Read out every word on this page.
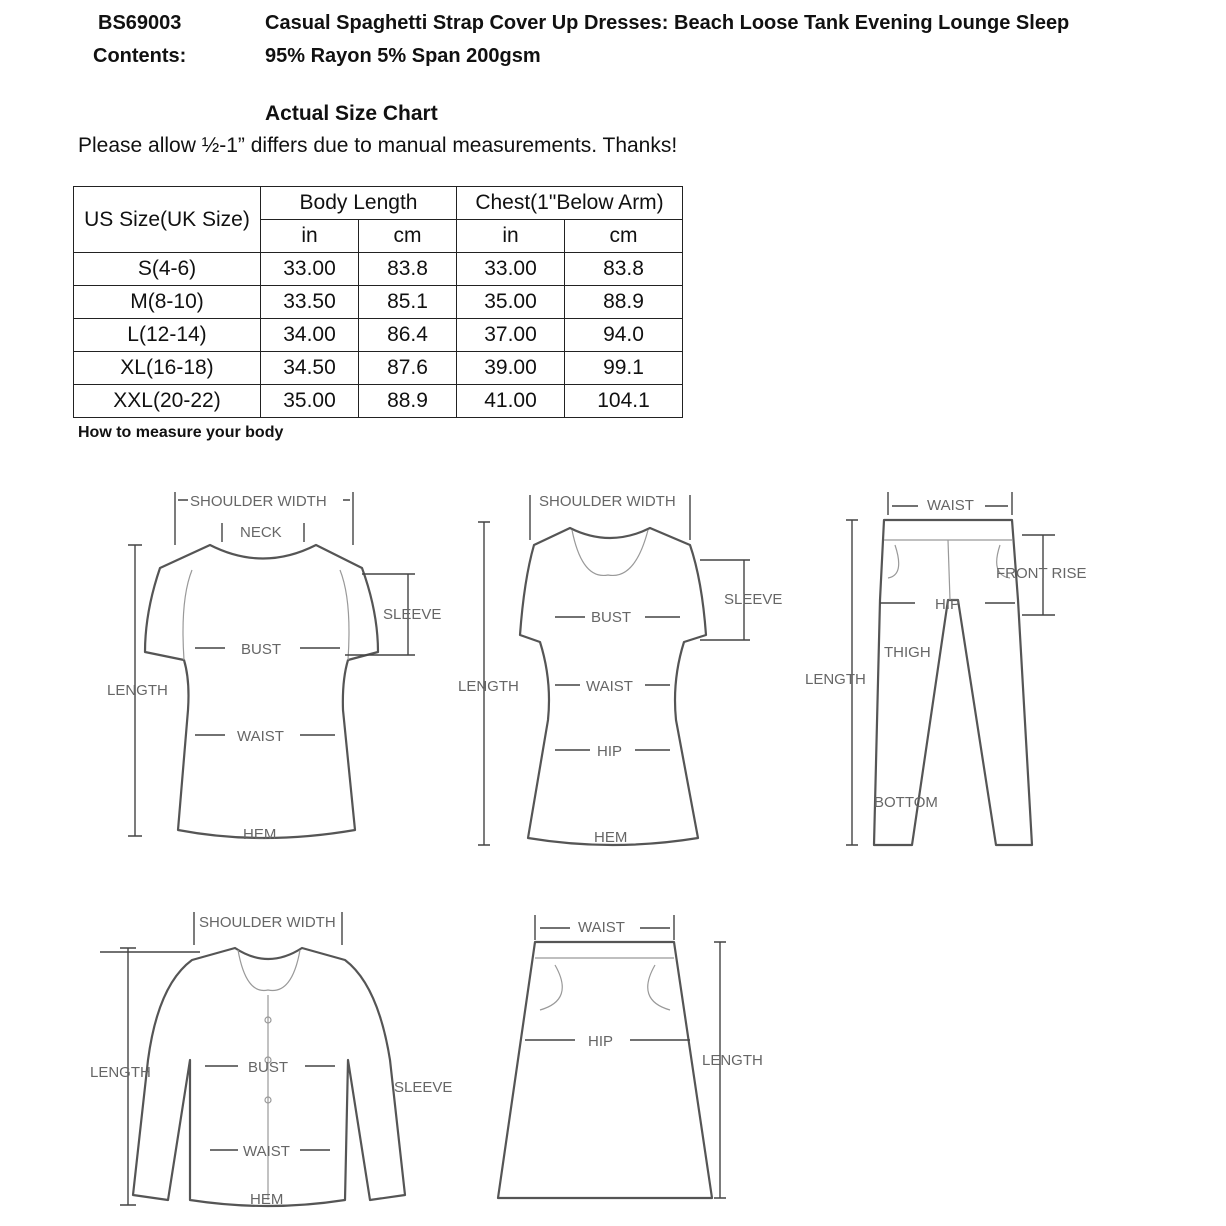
BS69003	Casual Spaghetti Strap Cover Up Dresses: Beach Loose Tank Evening Lounge Sleep
Contents:	95% Rayon 5% Span 200gsm
Actual Size Chart
Please allow ½-1” differs due to manual measurements. Thanks!
US Size(UK Size)	Body Length		Chest(1"Below Arm)	
	in	cm	in	cm
S(4-6)	33.00	83.8	33.00	83.8
M(8-10)	33.50	85.1	35.00	88.9
L(12-14)	34.00	86.4	37.00	94.0
XL(16-18)	34.50	87.6	39.00	99.1
XXL(20-22)	35.00	88.9	41.00	104.1
How to measure your body
SHOULDER WIDTH
NECK
SLEEVE
BUST
LENGTH
WAIST
HEM
SHOULDER WIDTH
SLEEVE
BUST
LENGTH	WAIST
HIP
HEM
WAIST
FRONT RISE
HIP
THIGH
LENGTH
BOTTOM
SHOULDER WIDTH
LENGTH	BUST
SLEEVE
WAIST
HEM
WAIST
HIP
LENGTH
